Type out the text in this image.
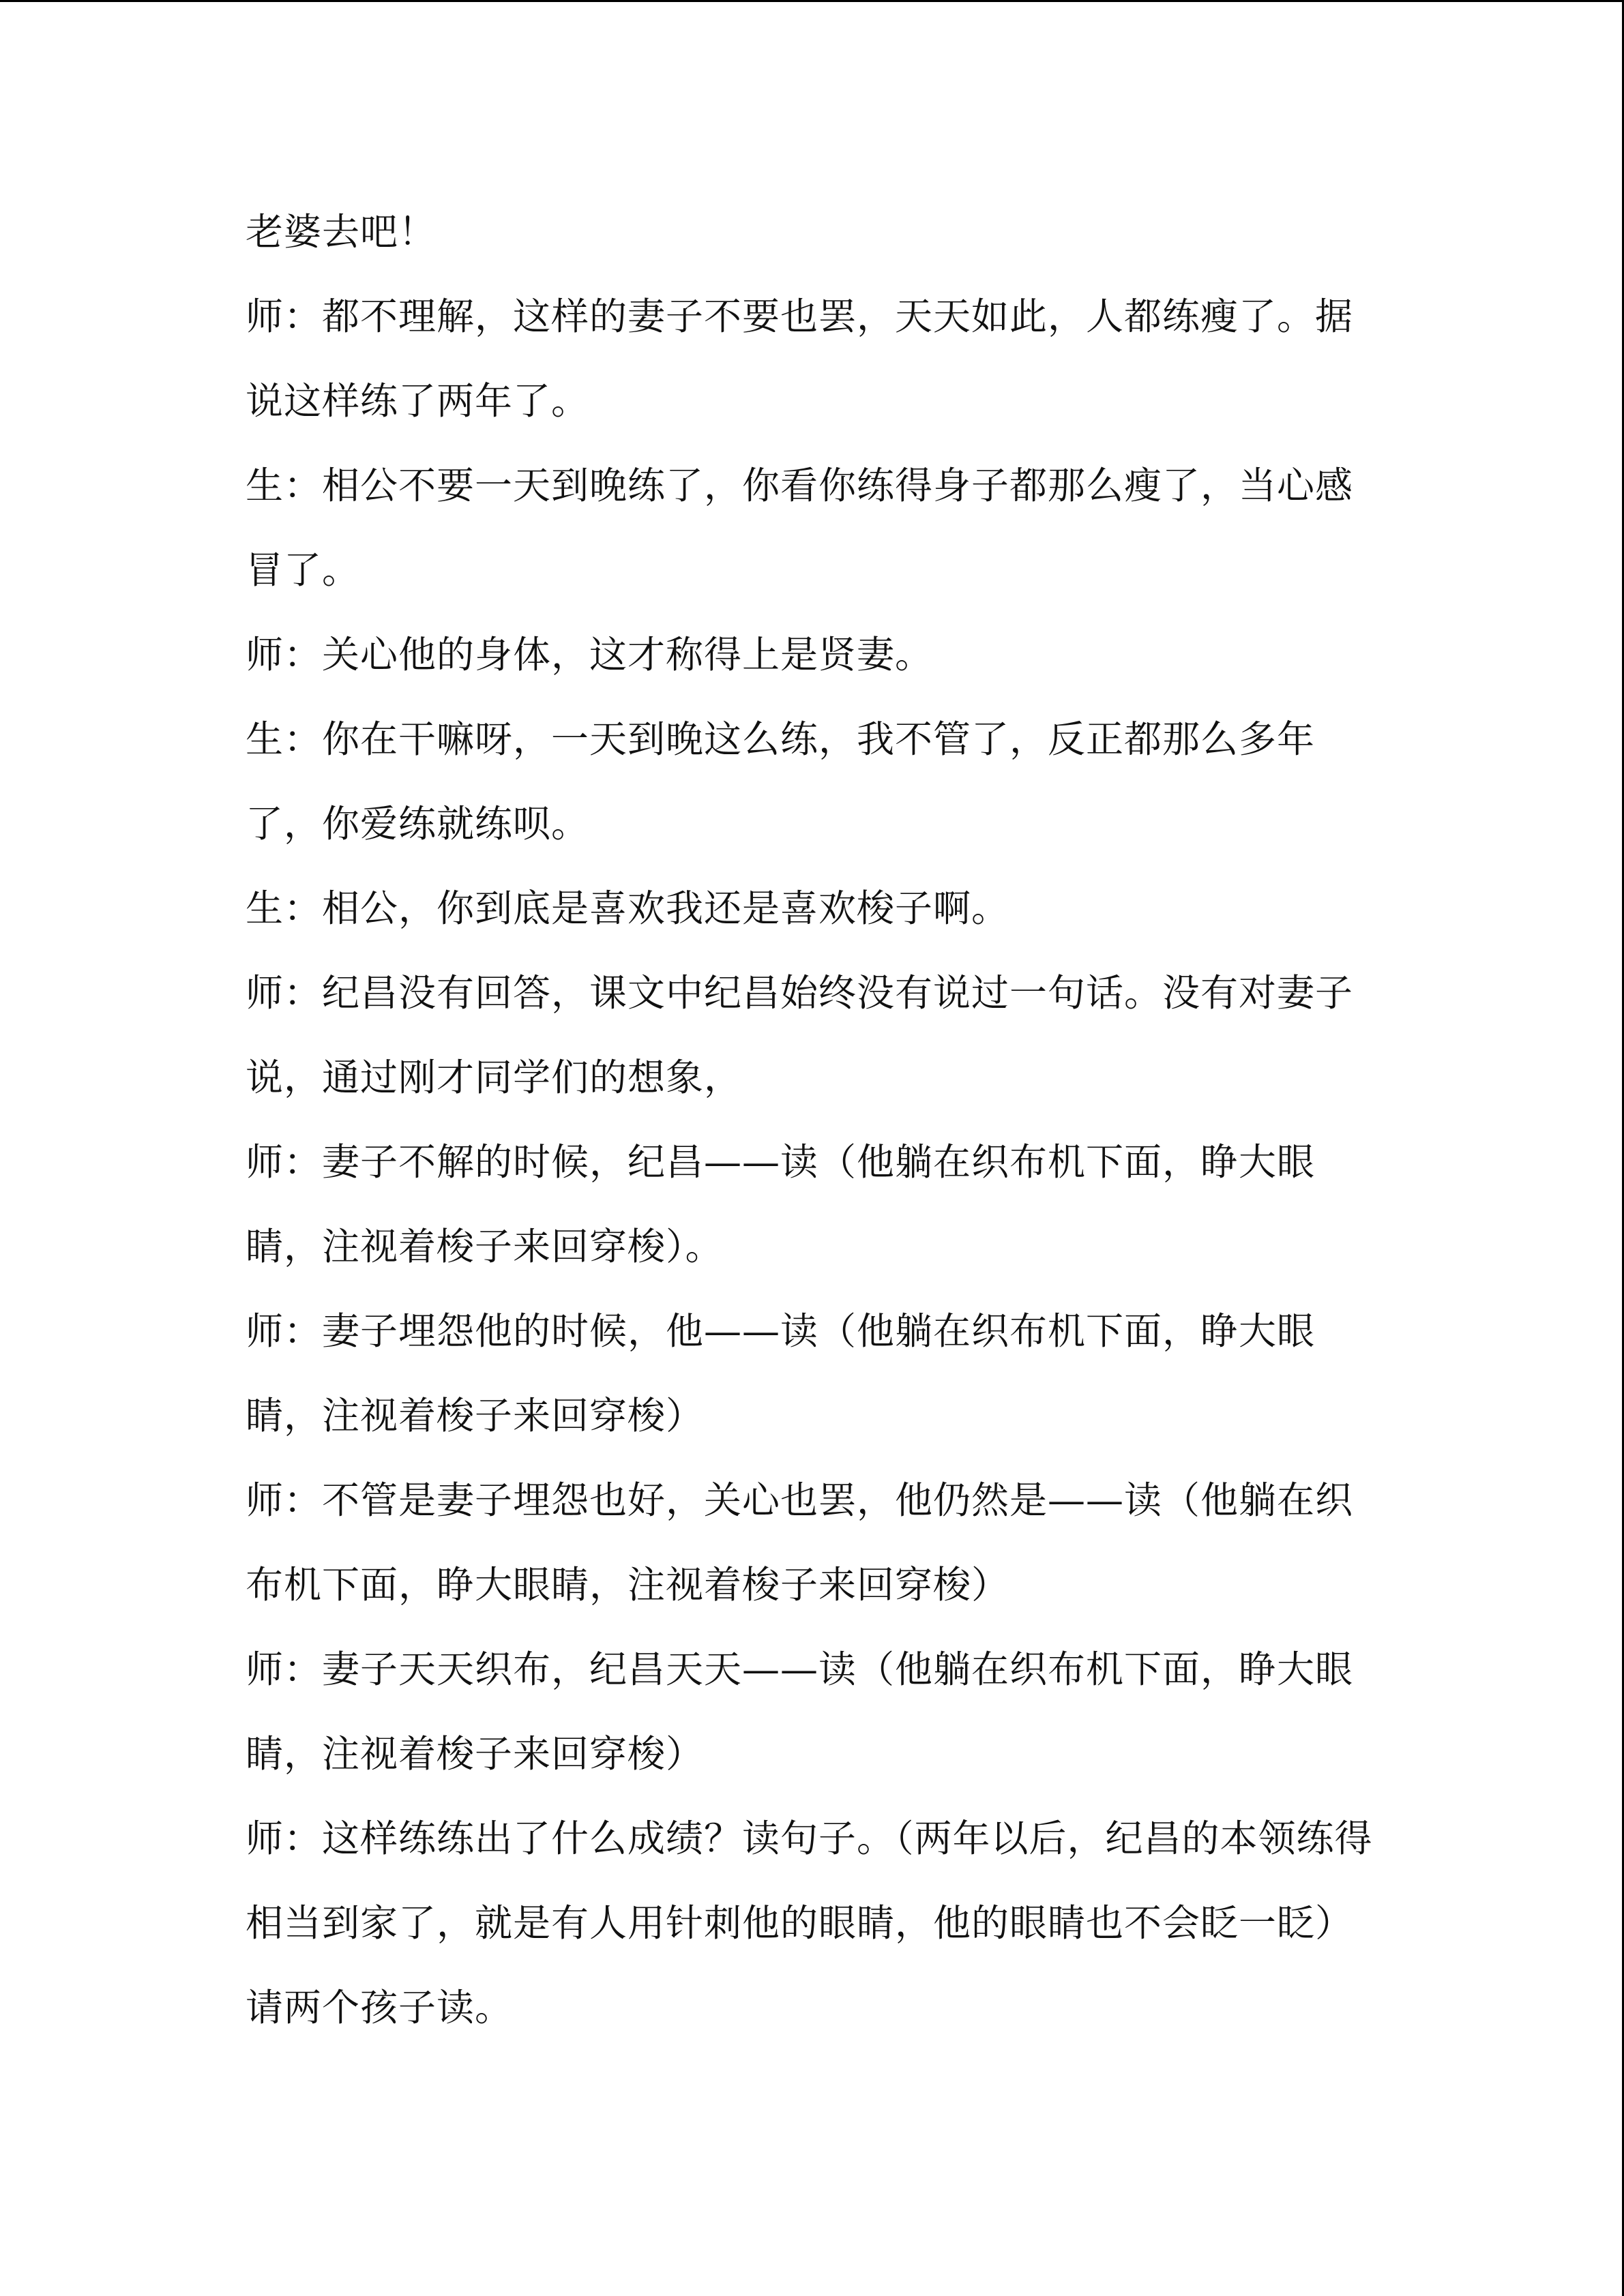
老婆去吧！
师：都不理解，这样的妻子不要也罢，天天如此，人都练瘦了。据
说这样练了两年了。
生：相公不要一天到晚练了，你看你练得身子都那么瘦了，当心感
冒了。
师：关心他的身体，这才称得上是贤妻。
生：你在干嘛呀，一天到晚这么练，我不管了，反正都那么多年
了，你爱练就练呗。
生：相公，你到底是喜欢我还是喜欢梭子啊。
师：纪昌没有回答，课文中纪昌始终没有说过一句话。没有对妻子
说，通过刚才同学们的想象，
师：妻子不解的时候，纪昌——读（他躺在织布机下面，睁大眼
睛，注视着梭子来回穿梭）。
师：妻子埋怨他的时候，他——读（他躺在织布机下面，睁大眼
睛，注视着梭子来回穿梭）
师：不管是妻子埋怨也好，关心也罢，他仍然是——读（他躺在织
布机下面，睁大眼睛，注视着梭子来回穿梭）
师：妻子天天织布，纪昌天天——读（他躺在织布机下面，睁大眼
睛，注视着梭子来回穿梭）
师：这样练练出了什么成绩？读句子。（两年以后，纪昌的本领练得
相当到家了，就是有人用针刺他的眼睛，他的眼睛也不会眨一眨）
请两个孩子读。
